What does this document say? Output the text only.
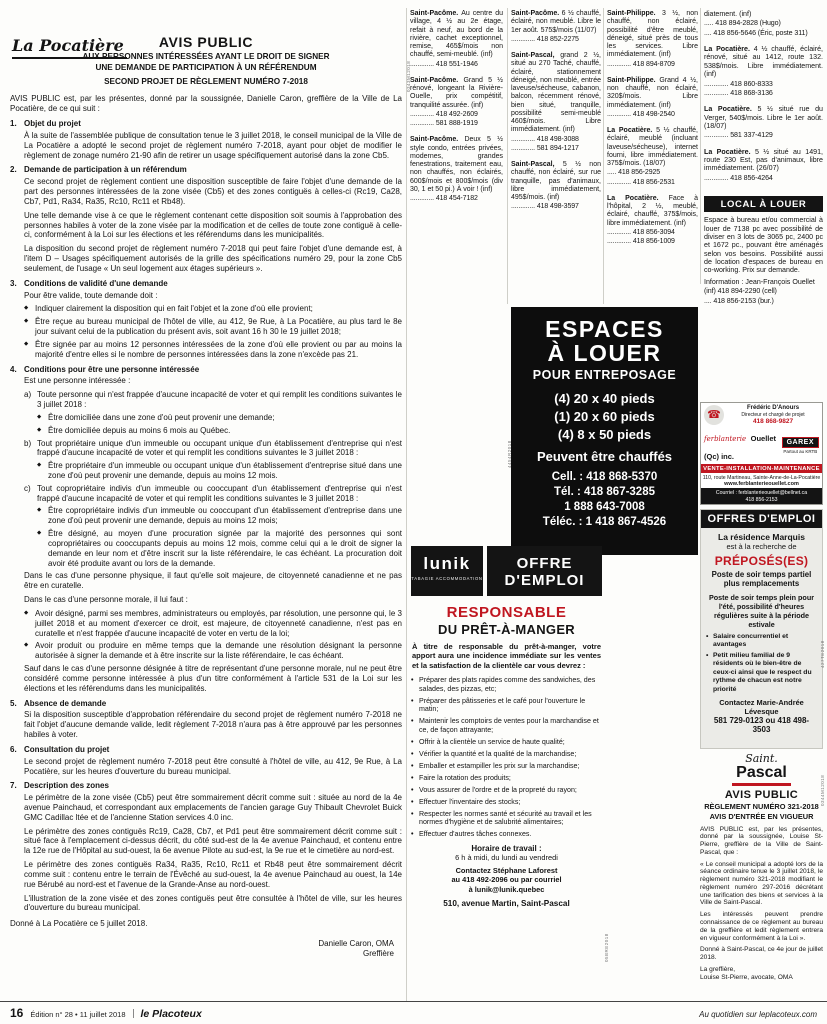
La Pocatière	AVIS PUBLIC
AUX PERSONNES INTÉRESSÉES AYANT LE DROIT DE SIGNER
UNE DEMANDE DE PARTICIPATION À UN RÉFÉRENDUM
SECOND PROJET DE RÈGLEMENT NUMÉRO 7-2018

AVIS PUBLIC est, par les présentes, donné par la soussignée, Danielle Caron, greffière de la Ville de La Pocatière, de ce qui suit :

1. Objet du projet
À la suite de l'assemblée publique de consultation tenue le 3 juillet 2018, le conseil municipal de la Ville de La Pocatière a adopté le second projet de règlement numéro 7-2018, ayant pour objet de modifier le règlement de zonage numéro 21-90 afin de retirer un usage spécifiquement autorisé dans la zone Cb5.
2. Demande de participation à un référendum
Ce second projet de règlement contient une disposition susceptible de faire l'objet d'une demande de la part des personnes intéressées de la zone visée (Cb5) et des zones contiguës à celles-ci (Rc19, Ca28, Cb7, Pd1, Ra34, Ra35, Rc10, Rc11 et Rb48).
Une telle demande vise à ce que le règlement contenant cette disposition soit soumis à l'approbation des personnes habiles à voter de la zone visée par la modification et de celles de toute zone contiguë à celle-ci, conformément à la Loi sur les élections et les référendums dans les municipalités.
La disposition du second projet de règlement numéro 7-2018 qui peut faire l'objet d'une demande est, à l'item D – Usages spécifiquement autorisés de la grille des spécifications numéro 29, pour la zone Cb5 seulement, de l'usage « Un seul logement aux étages supérieurs ».
3. Conditions de validité d'une demande
Pour être valide, toute demande doit :
◆ Indiquer clairement la disposition qui en fait l'objet et la zone d'où elle provient;
◆ Être reçue au bureau municipal de l'hôtel de ville, au 412, 9e Rue, à La Pocatière, au plus tard le 8e jour suivant celui de la publication du présent avis, soit avant 16 h 30 le 19 juillet 2018;
◆ Être signée par au moins 12 personnes intéressées de la zone d'où elle provient ou par au moins la majorité d'entre elles si le nombre de personnes intéressées dans la zone n'excède pas 21.
4. Conditions pour être une personne intéressée
Est une personne intéressée :
a) Toute personne qui n'est frappée d'aucune incapacité de voter et qui remplit les conditions suivantes le 3 juillet 2018 :
◆ Être domiciliée dans une zone d'où peut provenir une demande;
◆ Être domiciliée depuis au moins 6 mois au Québec.
b) Tout propriétaire unique d'un immeuble ou occupant unique d'un établissement d'entreprise qui n'est frappé d'aucune incapacité de voter et qui remplit les conditions suivantes le 3 juillet 2018 :
◆ Être propriétaire d'un immeuble ou occupant unique d'un établissement d'entreprise situé dans une zone d'où peut provenir une demande, depuis au moins 12 mois.
c) Tout copropriétaire indivis d'un immeuble ou cooccupant d'un établissement d'entreprise qui n'est frappé d'aucune incapacité de voter et qui remplit les conditions suivantes le 3 juillet 2018 :
◆ Être copropriétaire indivis d'un immeuble ou cooccupant d'un établissement d'entreprise dans une zone d'où peut provenir une demande, depuis au moins 12 mois;
◆ Être désigné, au moyen d'une procuration signée par la majorité des personnes qui sont copropriétaires ou cooccupants depuis au moins 12 mois, comme celui qui a le droit de signer la demande en leur nom et d'être inscrit sur la liste référendaire, le cas échéant. La procuration doit avoir été produite avant ou lors de la demande.
Dans le cas d'une personne physique, il faut qu'elle soit majeure, de citoyenneté canadienne et ne pas être en curatelle.
Dans le cas d'une personne morale, il lui faut :
◆ Avoir désigné, parmi ses membres, administrateurs ou employés, par résolution, une personne qui, le 3 juillet 2018 et au moment d'exercer ce droit, est majeure, de citoyenneté canadienne, n'est pas en curatelle et n'est frappée d'aucune incapacité de voter en vertu de la loi;
◆ Avoir produit ou produire en même temps que la demande une résolution désignant la personne autorisée à signer la demande et à être inscrite sur la liste référendaire, le cas échéant.
Sauf dans le cas d'une personne désignée à titre de représentant d'une personne morale, nul ne peut être considéré comme personne intéressée à plus d'un titre conformément à l'article 531 de la Loi sur les élections et les référendums dans les municipalités.
5. Absence de demande
Si la disposition susceptible d'approbation référendaire du second projet de règlement numéro 7-2018 ne fait l'objet d'aucune demande valide, ledit règlement 7-2018 n'aura pas à être approuvé par les personnes habiles à voter.
6. Consultation du projet
Le second projet de règlement numéro 7-2018 peut être consulté à l'hôtel de ville, au 412, 9e Rue, à La Pocatière, sur les heures d'ouverture du bureau municipal.
7. Description des zones
Le périmètre de la zone visée (Cb5) peut être sommairement décrit comme suit : située au nord de la 4e avenue Painchaud, et correspondant aux emplacements de l'ancien garage Guy Thibault Chevrolet Buick GMC Cadillac ltée et de l'ancienne Station services 4.0 inc.
Le périmètre des zones contiguës Rc19, Ca28, Cb7, et Pd1 peut être sommairement décrit comme suit : situé face à l'emplacement ci-dessus décrit, du côté sud-est de la 4e avenue Painchaud, et contenu entre la 12e rue de l'Hôpital au sud-ouest, la 6e avenue Pilote au sud-est, la 9e rue et le cimetière au nord-est.
Le périmètre des zones contiguës Ra34, Ra35, Rc10, Rc11 et Rb48 peut être sommairement décrit comme suit : contenu entre le terrain de l'Évêché au sud-ouest, la 4e avenue Painchaud au ouest, la 14e rue Bérubé au nord-est et l'avenue de la Grande-Anse au nord-ouest.
L'illustration de la zone visée et des zones contiguës peut être consultée à l'hôtel de ville, sur les heures d'ouverture du bureau municipal.

Donné à La Pocatière ce 5 juillet 2018.

Danielle Caron, OMA
Greffière
Saint-Pacôme. Au centre du village, 4 ½ au 2e étage, refait à neuf, au bord de la rivière, cachet exceptionnel, remise, 465$/mois non chauffé, semi-meublé. (inf)
............. 418 551-1946
Saint-Pacôme. Grand 5 ½ rénové, longeant la Rivière-Ouelle, prix compétitif, tranquilité assurée. (inf)
............. 418 492-2609
............. 581 888-1919
Saint-Pacôme. Deux 5 ½ style condo, entrées privées, modernes, grandes fenestrations, traitement eau, non chauffés, non éclairés, 600$/mois et 800$/mois (div 30, 1 et 50 pi.) À voir ! (inf)
............. 418 454-7182
Saint-Pacôme. 6 ½ chauffé, éclairé, non meublé. Libre le 1er août. 575$/mois (11/07)
............. 418 852-2275
Saint-Pascal, grand 2 ½, situé au 270 Taché, chauffé, éclairé, stationnement déneigé, non meublé, entrée laveuse/sécheuse, cabanon, balcon, récemment rénové, bien situé, tranquille, possibilité semi-meublé 460$/mois. Libre immédiatement. (inf)
............. 418 498-3088
............. 581 894-1217
Saint-Pascal, 5 ½ non chauffé, non éclairé, sur rue tranquille, pas d'animaux, libre immédiatement, 495$/mois. (inf)
............. 418 498-3597
Saint-Philippe. 3 ½, non chauffé, non éclairé, possibilité d'être meublé, déneigé, situé près de tous les services. Libre immédiatement. (inf)
............. 418 894-8709
Saint-Philippe. Grand 4 ½, non chauffé, non éclairé, 320$/mois. Libre immédiatement. (inf)
............. 418 498-2540
La Pocatière. 5 ½ chauffé, éclairé, meublé (incluant laveuse/sécheuse), internet fourni, libre immédiatement. 375$/mois. (18/07)
..... 418 856-2925
............. 418 856-2531
La Pocatière. Face à l'hôpital, 2 ½, meublé, éclairé, chauffé, 375$/mois, libre immédiatement. (inf)
............. 418 856-3094
............. 418 856-1009
diatement. (inf)
..... 418 894-2828 (Hugo)
.... 418 856-5646 (Éric, poste 311)
La Pocatière. 4 ½ chauffé, éclairé, rénové, situé au 1412, route 132. 538$/mois. Libre immédiatement. (inf)
............. 418 860-8333
............. 418 868-3136
La Pocatière. 5 ½ situé rue du Verger, 540$/mois. Libre le 1er août. (18/07)
............. 581 337-4129
La Pocatière. 5 ½ situé au 1491, route 230 Est, pas d'animaux, libre immédiatement. (26/07)
............. 418 856-4264
LOCAL À LOUER
Espace à bureau et/ou commercial à louer de 7138 pc avec possibilité de diviser en 3 lots de 3065 pc, 2400 pc et 1672 pc., pouvant être aménagés selon vos besoins. Possibilité aussi de location d'espaces de bureau en co-working. Prix sur demande.
Information : Jean-François Ouellet
(inf) 418 894-2290 (cell)
.... 418 856-2153 (bur.)
ESPACES
À LOUER
POUR ENTREPOSAGE
(4) 20 x 40 pieds
(1) 20 x 60 pieds
(4) 8 x 50 pieds
Peuvent être chauffés
Cell. : 418 868-5370
Tél. : 418 867-3285
1 888 643-7008
Téléc. : 1 418 867-4526
☎
Frédéric D'Anours
Directeur et chargé de projet
418 868-9827
ferblanterie Ouellet (Qc) inc.
GAREX
Partout au KRTB
VENTE-INSTALLATION-MAINTENANCE
110, route Martineau, Sainte-Anne-de-La-Pocatière
www.ferblanterieouellet.com
Courriel : ferblanterieouellet@bellnet.ca
418 856-2153
OFFRES D'EMPLOI
La résidence Marquis
est à la recherche de
PRÉPOSÉS(ES)
Poste de soir temps partiel
plus remplacements
Poste de soir temps plein pour l'été, possibilité d'heures régulières suite à la période estivale
• Salaire concurrentiel et avantages
• Petit milieu familial de 9 résidents où le bien-être de ceux-ci ainsi que le respect du rythme de chacun est notre priorité
Contactez Marie-Andrée Lévesque
581 729-0123 ou 418 498-3503
Saint.
Pascal
AVIS PUBLIC
RÈGLEMENT NUMÉRO 321-2018
AVIS D'ENTRÉE EN VIGUEUR

AVIS PUBLIC est, par les présentes, donné par la soussignée, Louise St-Pierre, greffière de la Ville de Saint-Pascal, que :

« Le conseil municipal a adopté lors de la séance ordinaire tenue le 3 juillet 2018, le règlement numéro 321-2018 modifiant le règlement numéro 297-2016 décrétant une tarification des biens et services à la Ville de Saint-Pascal.

Les intéressés peuvent prendre connaissance de ce règlement au bureau de la greffière et ledit règlement entrera en vigueur conformément à la Loi ».

Donné à Saint-Pascal, ce 4e jour de juillet 2018.

La greffière,
Louise St-Pierre, avocate, OMA
lunik
TABAGIE ACCOMMODATION
OFFRE
D'EMPLOI
RESPONSABLE
DU PRÊT-À-MANGER
À titre de responsable du prêt-à-manger, votre apport aura une incidence immédiate sur les ventes et la satisfaction de la clientèle car vous devrez :
• Préparer des plats rapides comme des sandwiches, des salades, des pizzas, etc;
• Préparer des pâtisseries et le café pour l'ouverture le matin;
• Maintenir les comptoirs de ventes pour la marchandise et ce, de façon attrayante;
• Offrir à la clientèle un service de haute qualité;
• Vérifier la quantité et la qualité de la marchandise;
• Emballer et estampiller les prix sur la marchandise;
• Faire la rotation des produits;
• Vous assurer de l'ordre et de la propreté du rayon;
• Effectuer l'inventaire des stocks;
• Respecter les normes santé et sécurité au travail et les normes d'hygiène et de salubrité alimentaires;
• Effectuer d'autres tâches connexes.
Horaire de travail :
6 h à midi, du lundi au vendredi
Contactez Stéphane Laforest
au 418 492-2096 ou par courriel
à lunik@lunik.quebec
510, avenue Martin, Saint-Pascal
16 Édition n° 28 • 11 juillet 2018 le Placoteux	Au quotidien sur leplacoteux.com
0343M12018
4454R2018
05BRE2018
427TE2018
0344M12018
